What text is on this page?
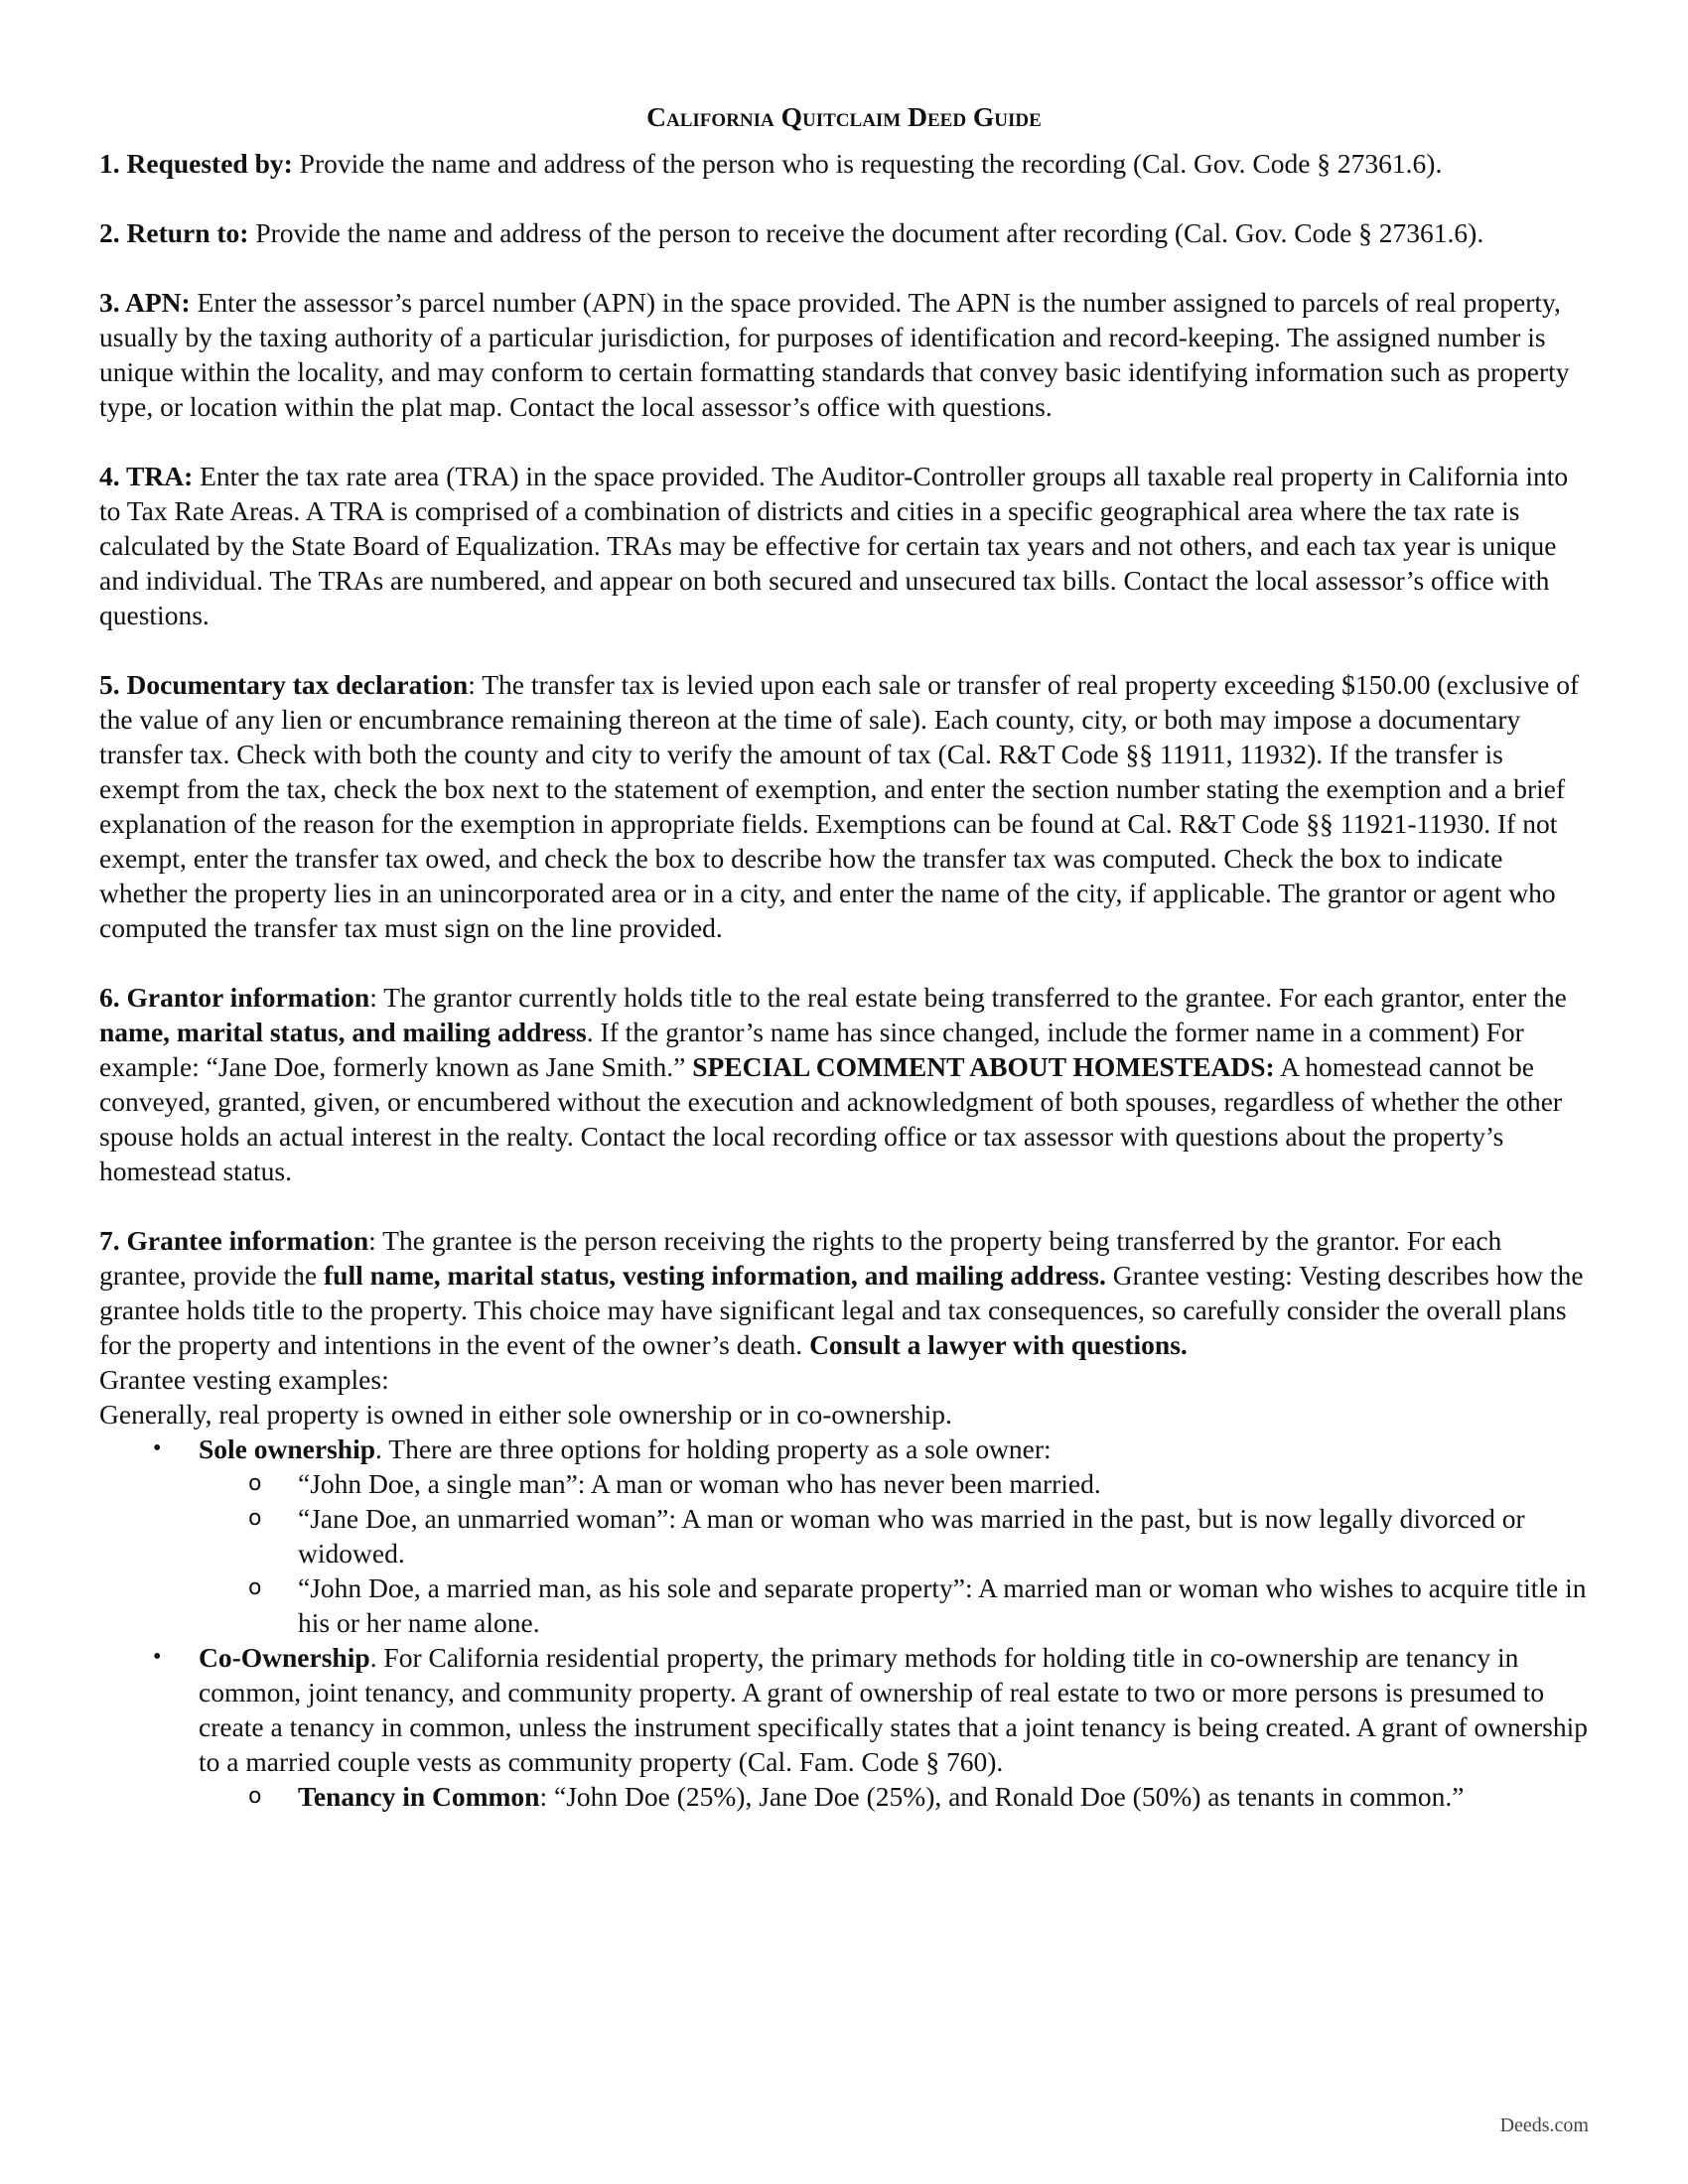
California Quitclaim Deed Guide

1. Requested by: Provide the name and address of the person who is requesting the recording (Cal. Gov. Code § 27361.6).

2. Return to: Provide the name and address of the person to receive the document after recording (Cal. Gov. Code § 27361.6).

3. APN: Enter the assessor’s parcel number (APN) in the space provided. The APN is the number assigned to parcels of real property, usually by the taxing authority of a particular jurisdiction, for purposes of identification and record-keeping. The assigned number is unique within the locality, and may conform to certain formatting standards that convey basic identifying information such as property type, or location within the plat map. Contact the local assessor’s office with questions.

4. TRA: Enter the tax rate area (TRA) in the space provided. The Auditor-Controller groups all taxable real property in California into to Tax Rate Areas. A TRA is comprised of a combination of districts and cities in a specific geographical area where the tax rate is calculated by the State Board of Equalization. TRAs may be effective for certain tax years and not others, and each tax year is unique and individual. The TRAs are numbered, and appear on both secured and unsecured tax bills. Contact the local assessor’s office with questions.

5. Documentary tax declaration: The transfer tax is levied upon each sale or transfer of real property exceeding $150.00 (exclusive of the value of any lien or encumbrance remaining thereon at the time of sale). Each county, city, or both may impose a documentary transfer tax. Check with both the county and city to verify the amount of tax (Cal. R&T Code §§ 11911, 11932). If the transfer is exempt from the tax, check the box next to the statement of exemption, and enter the section number stating the exemption and a brief explanation of the reason for the exemption in appropriate fields. Exemptions can be found at Cal. R&T Code §§ 11921-11930. If not exempt, enter the transfer tax owed, and check the box to describe how the transfer tax was computed. Check the box to indicate whether the property lies in an unincorporated area or in a city, and enter the name of the city, if applicable. The grantor or agent who computed the transfer tax must sign on the line provided.

6. Grantor information: The grantor currently holds title to the real estate being transferred to the grantee. For each grantor, enter the name, marital status, and mailing address. If the grantor’s name has since changed, include the former name in a comment) For example: “Jane Doe, formerly known as Jane Smith.” SPECIAL COMMENT ABOUT HOMESTEADS: A homestead cannot be conveyed, granted, given, or encumbered without the execution and acknowledgment of both spouses, regardless of whether the other spouse holds an actual interest in the realty. Contact the local recording office or tax assessor with questions about the property’s homestead status.

7. Grantee information: The grantee is the person receiving the rights to the property being transferred by the grantor. For each grantee, provide the full name, marital status, vesting information, and mailing address. Grantee vesting: Vesting describes how the grantee holds title to the property. This choice may have significant legal and tax consequences, so carefully consider the overall plans for the property and intentions in the event of the owner’s death. Consult a lawyer with questions.

Grantee vesting examples:

Generally, real property is owned in either sole ownership or in co-ownership.

• Sole ownership. There are three options for holding property as a sole owner:
o “John Doe, a single man”: A man or woman who has never been married.
o “Jane Doe, an unmarried woman”: A man or woman who was married in the past, but is now legally divorced or widowed.
o “John Doe, a married man, as his sole and separate property”: A married man or woman who wishes to acquire title in his or her name alone.
• Co-Ownership. For California residential property, the primary methods for holding title in co-ownership are tenancy in common, joint tenancy, and community property. A grant of ownership of real estate to two or more persons is presumed to create a tenancy in common, unless the instrument specifically states that a joint tenancy is being created. A grant of ownership to a married couple vests as community property (Cal. Fam. Code § 760).
o Tenancy in Common: “John Doe (25%), Jane Doe (25%), and Ronald Doe (50%) as tenants in common.”
Deeds.com
